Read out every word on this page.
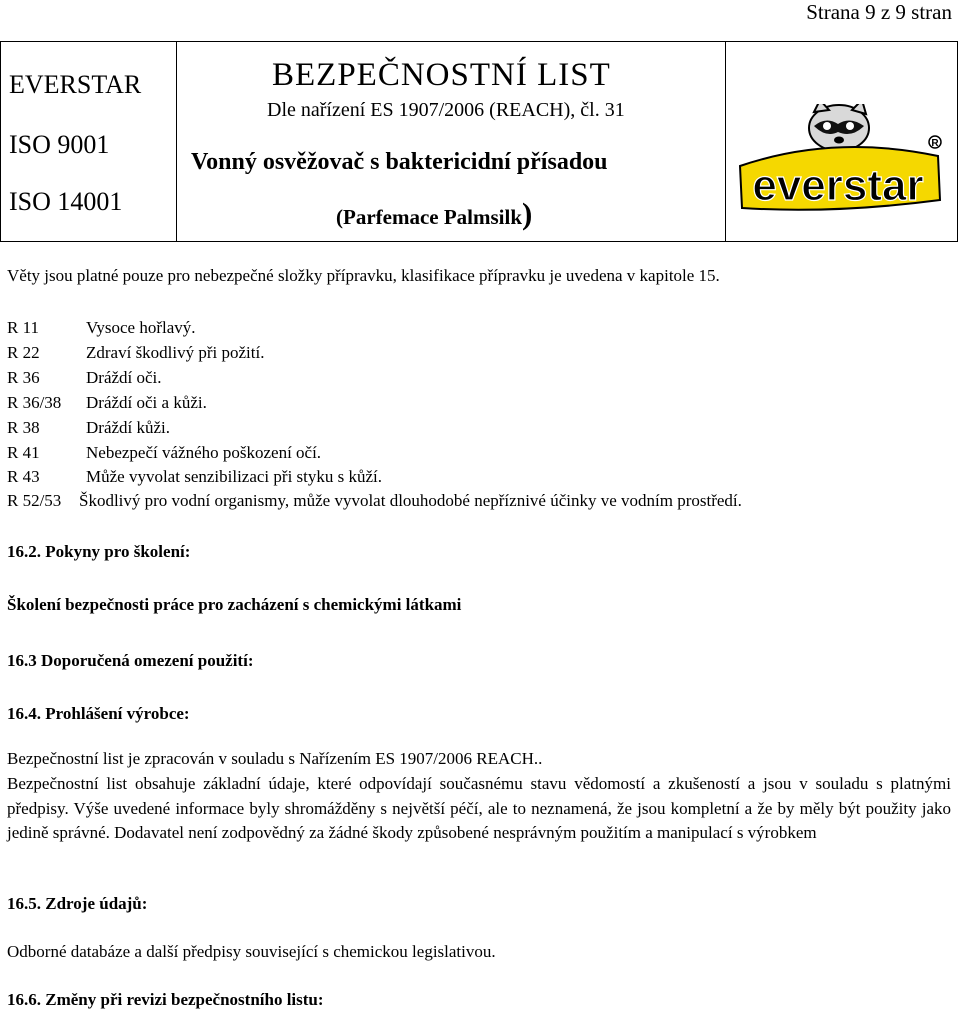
Strana 9 z 9 stran
EVERSTAR
ISO 9001
ISO 14001
BEZPEČNOSTNÍ LIST
Dle nařízení ES 1907/2006 (REACH), čl. 31
Vonný osvěžovač s baktericidní přísadou
(Parfemace Palmsilk)
everstar
R
Věty jsou platné pouze pro nebezpečné složky přípravku, klasifikace přípravku je uvedena v kapitole 15.
R 11	Vysoce hořlavý.
R 22	Zdraví škodlivý při požití.
R 36	Dráždí oči.
R 36/38 Dráždí oči a kůži.
R 38	Dráždí kůži.
R 41	Nebezpečí vážného poškození očí.
R 43	Může vyvolat senzibilizaci při styku s kůží.
R 52/53 Škodlivý pro vodní organismy, může vyvolat dlouhodobé nepříznivé účinky ve vodním prostředí.
16.2. Pokyny pro školení:
Školení bezpečnosti práce pro zacházení s chemickými látkami
16.3 Doporučená omezení použití:
16.4. Prohlášení výrobce:
Bezpečnostní list je zpracován v souladu s Nařízením ES 1907/2006 REACH..
Bezpečnostní list obsahuje základní údaje, které odpovídají současnému stavu vědomostí a zkušeností a jsou v souladu s platnými předpisy. Výše uvedené informace byly shromážděny s největší péčí, ale to neznamená, že jsou kompletní a že by měly být použity jako jedině správné. Dodavatel není zodpovědný za žádné škody způsobené nesprávným použitím a manipulací s výrobkem
16.5. Zdroje údajů:
Odborné databáze a další předpisy související s chemickou legislativou.
16.6. Změny při revizi bezpečnostního listu:
